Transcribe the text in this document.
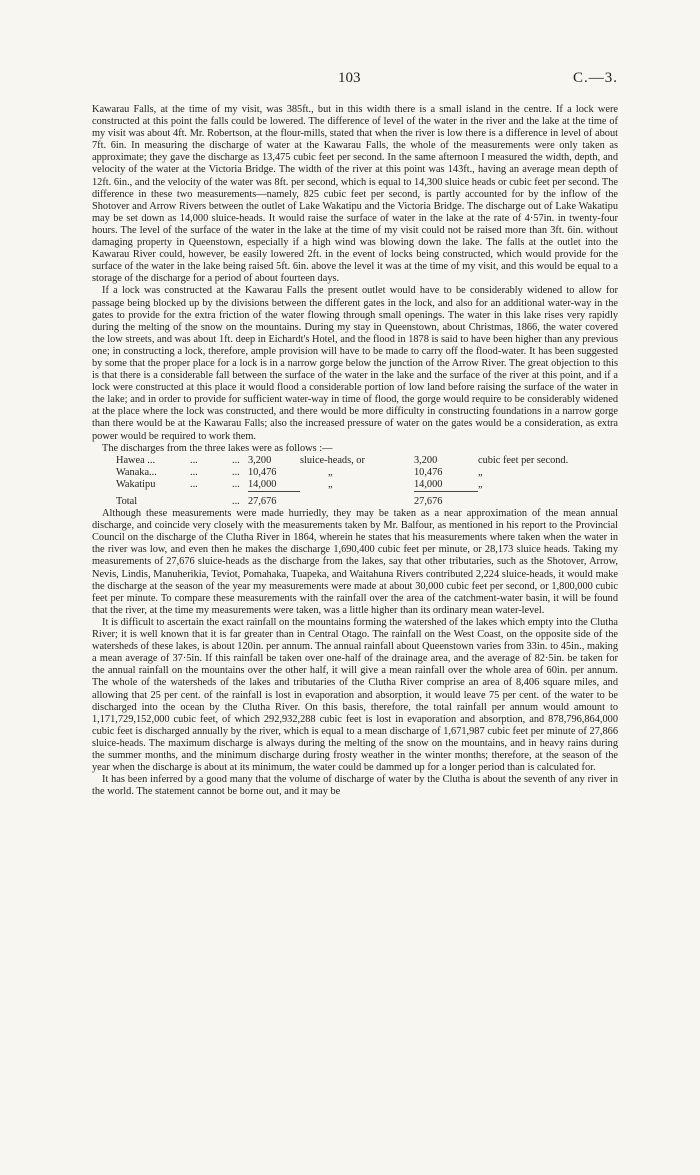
103	C.—3.

Kawarau Falls, at the time of my visit, was 385ft., but in this width there is a small island in the centre. If a lock were constructed at this point the falls could be lowered. The difference of level of the water in the river and the lake at the time of my visit was about 4ft. Mr. Robertson, at the flour-mills, stated that when the river is low there is a difference in level of about 7ft. 6in. In measuring the discharge of water at the Kawarau Falls, the whole of the measurements were only taken as approximate; they gave the discharge as 13,475 cubic feet per second. In the same afternoon I measured the width, depth, and velocity of the water at the Victoria Bridge. The width of the river at this point was 143ft., having an average mean depth of 12ft. 6in., and the velocity of the water was 8ft. per second, which is equal to 14,300 sluice heads or cubic feet per second. The difference in these two measurements—namely, 825 cubic feet per second, is partly accounted for by the inflow of the Shotover and Arrow Rivers between the outlet of Lake Wakatipu and the Victoria Bridge. The discharge out of Lake Wakatipu may be set down as 14,000 sluice-heads. It would raise the surface of water in the lake at the rate of 4·57in. in twenty-four hours. The level of the surface of the water in the lake at the time of my visit could not be raised more than 3ft. 6in. without damaging property in Queenstown, especially if a high wind was blowing down the lake. The falls at the outlet into the Kawarau River could, however, be easily lowered 2ft. in the event of locks being constructed, which would provide for the surface of the water in the lake being raised 5ft. 6in. above the level it was at the time of my visit, and this would be equal to a storage of the discharge for a period of about fourteen days.

If a lock was constructed at the Kawarau Falls the present outlet would have to be considerably widened to allow for passage being blocked up by the divisions between the different gates in the lock, and also for an additional water-way in the gates to provide for the extra friction of the water flowing through small openings. The water in this lake rises very rapidly during the melting of the snow on the mountains. During my stay in Queenstown, about Christmas, 1866, the water covered the low streets, and was about 1ft. deep in Eichardt's Hotel, and the flood in 1878 is said to have been higher than any previous one; in constructing a lock, therefore, ample provision will have to be made to carry off the flood-water. It has been suggested by some that the proper place for a lock is in a narrow gorge below the junction of the Arrow River. The great objection to this is that there is a considerable fall between the surface of the water in the lake and the surface of the river at this point, and if a lock were constructed at this place it would flood a considerable portion of low land before raising the surface of the water in the lake; and in order to provide for sufficient water-way in time of flood, the gorge would require to be considerably widened at the place where the lock was constructed, and there would be more difficulty in constructing foundations in a narrow gorge than there would be at the Kawarau Falls; also the increased pressure of water on the gates would be a consideration, as extra power would be required to work them.

The discharges from the three lakes were as follows :—

Hawea ...	...	...	3,200	sluice-heads, or	3,200	cubic feet per second.
Wanaka...	...	...	10,476	„	10,476	„
Wakatipu	...	...	14,000	„	14,000	„

Total		...	27,676		27,676	

Although these measurements were made hurriedly, they may be taken as a near approximation of the mean annual discharge, and coincide very closely with the measurements taken by Mr. Balfour, as mentioned in his report to the Provincial Council on the discharge of the Clutha River in 1864, wherein he states that his measurements where taken when the water in the river was low, and even then he makes the discharge 1,690,400 cubic feet per minute, or 28,173 sluice heads. Taking my measurements of 27,676 sluice-heads as the discharge from the lakes, say that other tributaries, such as the Shotover, Arrow, Nevis, Lindis, Manuherikia, Teviot, Pomahaka, Tuapeka, and Waitahuna Rivers contributed 2,224 sluice-heads, it would make the discharge at the season of the year my measurements were made at about 30,000 cubic feet per second, or 1,800,000 cubic feet per minute. To compare these measurements with the rainfall over the area of the catchment-water basin, it will be found that the river, at the time my measurements were taken, was a little higher than its ordinary mean water-level.

It is difficult to ascertain the exact rainfall on the mountains forming the watershed of the lakes which empty into the Clutha River; it is well known that it is far greater than in Central Otago. The rainfall on the West Coast, on the opposite side of the watersheds of these lakes, is about 120in. per annum. The annual rainfall about Queenstown varies from 33in. to 45in., making a mean average of 37·5in. If this rainfall be taken over one-half of the drainage area, and the average of 82·5in. be taken for the annual rainfall on the mountains over the other half, it will give a mean rainfall over the whole area of 60in. per annum. The whole of the watersheds of the lakes and tributaries of the Clutha River comprise an area of 8,406 square miles, and allowing that 25 per cent. of the rainfall is lost in evaporation and absorption, it would leave 75 per cent. of the water to be discharged into the ocean by the Clutha River. On this basis, therefore, the total rainfall per annum would amount to 1,171,729,152,000 cubic feet, of which 292,932,288 cubic feet is lost in evaporation and absorption, and 878,796,864,000 cubic feet is discharged annually by the river, which is equal to a mean discharge of 1,671,987 cubic feet per minute of 27,866 sluice-heads. The maximum discharge is always during the melting of the snow on the mountains, and in heavy rains during the summer months, and the minimum discharge during frosty weather in the winter months; therefore, at the season of the year when the discharge is about at its minimum, the water could be dammed up for a longer period than is calculated for.

It has been inferred by a good many that the volume of discharge of water by the Clutha is about the seventh of any river in the world. The statement cannot be borne out, and it may be
